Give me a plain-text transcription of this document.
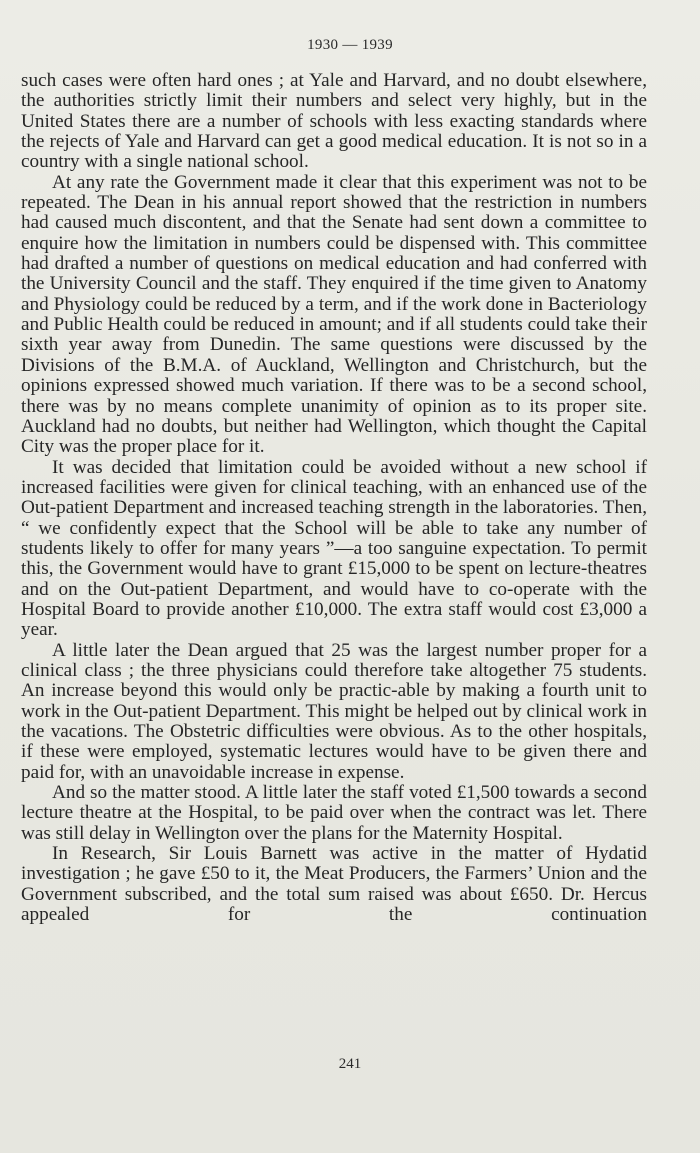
1930 — 1939

such cases were often hard ones ; at Yale and Harvard, and no doubt elsewhere, the authorities strictly limit their numbers and select very highly, but in the United States there are a number of schools with less exacting standards where the rejects of Yale and Harvard can get a good medical education. It is not so in a country with a single national school.

At any rate the Government made it clear that this experiment was not to be repeated. The Dean in his annual report showed that the restriction in numbers had caused much discontent, and that the Senate had sent down a committee to enquire how the limitation in numbers could be dispensed with. This committee had drafted a number of questions on medical education and had conferred with the University Council and the staff. They enquired if the time given to Anatomy and Physiology could be reduced by a term, and if the work done in Bacteriology and Public Health could be reduced in amount; and if all students could take their sixth year away from Dunedin. The same questions were discussed by the Divisions of the B.M.A. of Auckland, Wellington and Christchurch, but the opinions expressed showed much variation. If there was to be a second school, there was by no means complete unanimity of opinion as to its proper site. Auckland had no doubts, but neither had Wellington, which thought the Capital City was the proper place for it.

It was decided that limitation could be avoided without a new school if increased facilities were given for clinical teaching, with an enhanced use of the Out-patient Department and increased teaching strength in the laboratories. Then, “ we confidently expect that the School will be able to take any number of students likely to offer for many years ”—a too sanguine expectation. To permit this, the Government would have to grant £15,000 to be spent on lecture-theatres and on the Out-patient Department, and would have to co-operate with the Hospital Board to provide another £10,000. The extra staff would cost £3,000 a year.

A little later the Dean argued that 25 was the largest number proper for a clinical class ; the three physicians could therefore take altogether 75 students. An increase beyond this would only be practic-able by making a fourth unit to work in the Out-patient Department. This might be helped out by clinical work in the vacations. The Obstetric difficulties were obvious. As to the other hospitals, if these were employed, systematic lectures would have to be given there and paid for, with an unavoidable increase in expense.

And so the matter stood. A little later the staff voted £1,500 towards a second lecture theatre at the Hospital, to be paid over when the contract was let. There was still delay in Wellington over the plans for the Maternity Hospital.

In Research, Sir Louis Barnett was active in the matter of Hydatid investigation ; he gave £50 to it, the Meat Producers, the Farmers’ Union and the Government subscribed, and the total sum raised was about £650. Dr. Hercus appealed for the continuation

241
